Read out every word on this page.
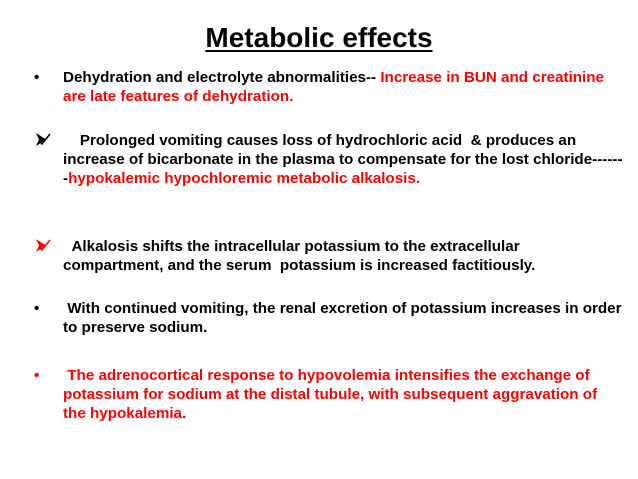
Metabolic effects
•	Dehydration and electrolyte abnormalities-- Increase in BUN and creatinine are late features of dehydration.
Prolonged vomiting causes loss of hydrochloric acid  & produces an increase of bicarbonate in the plasma to compensate for the lost chloride-------hypokalemic hypochloremic metabolic alkalosis.
Alkalosis shifts the intracellular potassium to the extracellular compartment, and the serum  potassium is increased factitiously.
•	With continued vomiting, the renal excretion of potassium increases in order to preserve sodium.
•	The adrenocortical response to hypovolemia intensifies the exchange of potassium for sodium at the distal tubule, with subsequent aggravation of the hypokalemia.
